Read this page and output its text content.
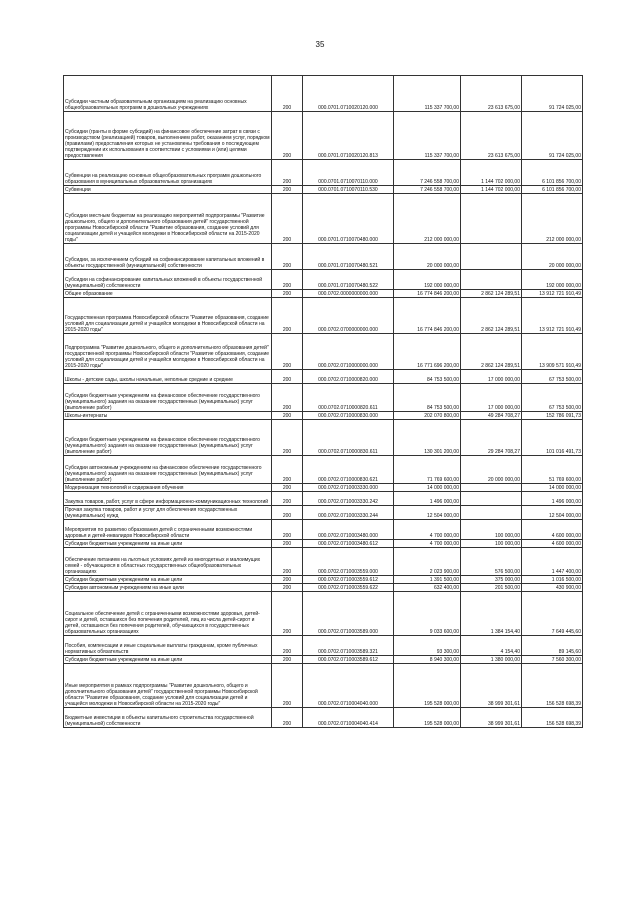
35
Субсидии частным образовательным организациям на реализацию основных общеобразовательных программ в дошкольных учреждениях	200	000.0701.0710020120.000	115 337 700,00	23 613 675,00	91 724 025,00
Субсидии (гранты в форме субсидий) на финансовое обеспечение затрат в связи с производством (реализацией) товаров, выполнением работ, оказанием услуг, порядком (правилами) предоставления которых не установлены требования о последующем подтверждении их использования в соответствии с условиями и (или) целями предоставления	200	000.0701.0710020120.813	115 337 700,00	23 613 675,00	91 724 025,00
Субвенции на реализацию основных общеобразовательных программ дошкольного образования в муниципальных образовательных организациях	200	000.0701.0710070110.000	7 246 558 700,00	1 144 702 000,00	6 101 856 700,00
Субвенции	200	000.0701.0710070110.530	7 246 558 700,00	1 144 702 000,00	6 101 856 700,00
Субсидии местным бюджетам на реализацию мероприятий подпрограммы "Развитие дошкольного, общего и дополнительного образования детей" государственной программы Новосибирской области "Развитие образования, создание условий для социализации детей и учащейся молодежи в Новосибирской области на 2015-2020 годы"	200	000.0701.0710070480.000	212 000 000,00		212 000 000,00
Субсидии, за исключением субсидий на софинансирование капитальных вложений в объекты государственной (муниципальной) собственности	200	000.0701.0710070480.521	20 000 000,00		20 000 000,00
Субсидии на софинансирование капитальных вложений в объекты государственной (муниципальной) собственности	200	000.0701.0710070480.522	192 000 000,00		192 000 000,00
Общее образование	200	000.0702.0000000000.000	16 774 846 200,00	2 862 124 289,51	13 912 721 910,49
Государственная программа Новосибирской области "Развитие образования, создание условий для социализации детей и учащейся молодежи в Новосибирской области на 2015-2020 годы"	200	000.0702.0700000000.000	16 774 846 200,00	2 862 124 289,51	13 912 721 910,49
Подпрограмма "Развитие дошкольного, общего и дополнительного образования детей" государственной программы Новосибирской области "Развитие образования, создание условий для социализации детей и учащейся молодежи в Новосибирской области на 2015-2020 годы"	200	000.0702.0710000000.000	16 771 696 200,00	2 862 124 289,51	13 909 571 910,49
Школы - детские сады, школы начальные, неполные средние и средние	200	000.0702.0710000820.000	84 753 500,00	17 000 000,00	67 753 500,00
Субсидии бюджетным учреждениям на финансовое обеспечение государственного (муниципального) задания на оказание государственных (муниципальных) услуг (выполнение работ)	200	000.0702.0710000820.611	84 753 500,00	17 000 000,00	67 753 500,00
Школы-интернаты	200	000.0702.0710000830.000	202 070 800,00	49 284 708,27	152 786 091,73
Субсидии бюджетным учреждениям на финансовое обеспечение государственного (муниципального) задания на оказание государственных (муниципальных) услуг (выполнение работ)	200	000.0702.0710000830.611	130 301 200,00	29 284 708,27	101 016 491,73
Субсидии автономным учреждениям на финансовое обеспечение государственного (муниципального) задания на оказание государственных (муниципальных) услуг (выполнение работ)	200	000.0702.0710000830.621	71 769 600,00	20 000 000,00	51 769 600,00
Модернизация технологий и содержания обучения	200	000.0702.0710003330.000	14 000 000,00		14 000 000,00
Закупка товаров, работ, услуг в сфере информационно-коммуникационных технологий	200	000.0702.0710003330.242	1 496 000,00		1 496 000,00
Прочая закупка товаров, работ и услуг для обеспечения государственных (муниципальных) нужд	200	000.0702.0710003330.244	12 504 000,00		12 504 000,00
Мероприятия по развитию образования детей с ограниченными возможностями здоровья и детей-инвалидов Новосибирской области	200	000.0702.0710003480.000	4 700 000,00	100 000,00	4 600 000,00
Субсидии бюджетным учреждениям на иные цели	200	000.0702.0710003480.612	4 700 000,00	100 000,00	4 600 000,00
Обеспечение питанием на льготных условиях детей из многодетных и малоимущих семей - обучающихся в областных государственных общеобразовательных организациях	200	000.0702.0710003559.000	2 023 900,00	576 500,00	1 447 400,00
Субсидии бюджетным учреждениям на иные цели	200	000.0702.0710003559.612	1 391 500,00	375 000,00	1 016 500,00
Субсидии автономным учреждениям на иные цели	200	000.0702.0710003559.622	632 400,00	201 500,00	430 900,00
Социальное обеспечение детей с ограниченными возможностями здоровья, детей-сирот и детей, оставшихся без попечения родителей, лиц из числа детей-сирот и детей, оставшихся без попечения родителей, обучающихся в государственных образовательных организациях	200	000.0702.0710003589.000	9 033 600,00	1 384 154,40	7 649 445,60
Пособия, компенсации и иные социальные выплаты гражданам, кроме публичных нормативных обязательств	200	000.0702.0710003589.321	93 300,00	4 154,40	89 145,60
Субсидии бюджетным учреждениям на иные цели	200	000.0702.0710003589.612	8 940 300,00	1 380 000,00	7 560 300,00
Иные мероприятия в рамках подпрограммы "Развитие дошкольного, общего и дополнительного образования детей" государственной программы Новосибирской области "Развитие образования, создание условий для социализации детей и учащейся молодежи в Новосибирской области на 2015-2020 годы"	200	000.0702.0710004040.000	195 528 000,00	38 999 301,61	156 528 698,39
Бюджетные инвестиции в объекты капитального строительства государственной (муниципальной) собственности	200	000.0702.0710004040.414	195 528 000,00	38 999 301,61	156 528 698,39
